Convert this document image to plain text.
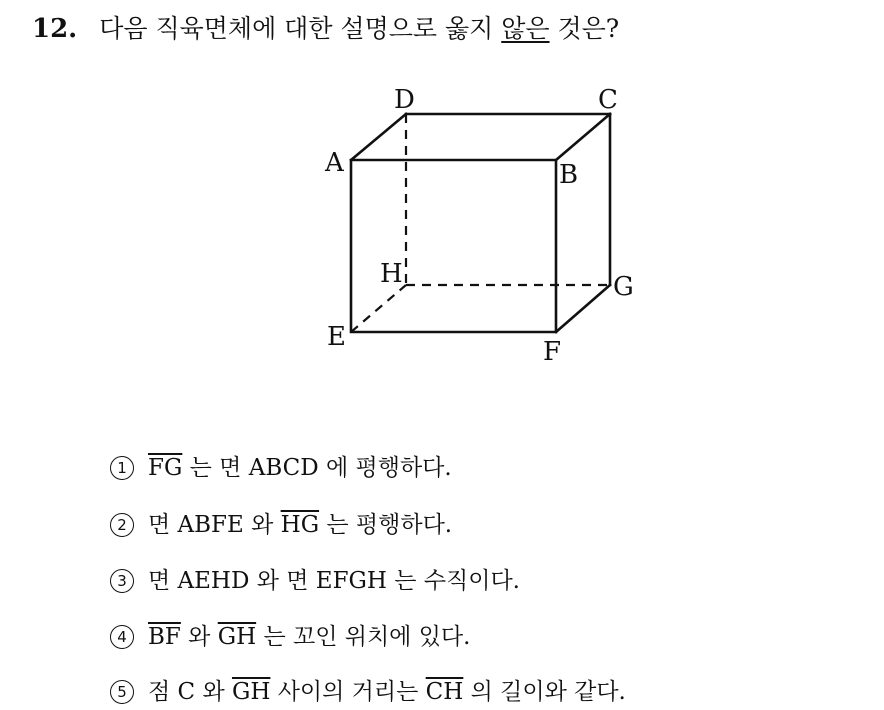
12. 다음 직육면체에 대한 설명으로 옳지 않은 것은?
D	C
A	B
H	G
E	F
1 $\overline{FG}$ 는 면 ABCD 에 평행하다.
2 면 ABFE 와 $\overline{HG}$ 는 평행하다.
3 면 AEHD 와 면 EFGH 는 수직이다.
4 $\overline{BF}$ 와 $\overline{GH}$ 는 꼬인 위치에 있다.
5 점 C 와 $\overline{GH}$ 사이의 거리는 $\overline{CH}$ 의 길이와 같다.
